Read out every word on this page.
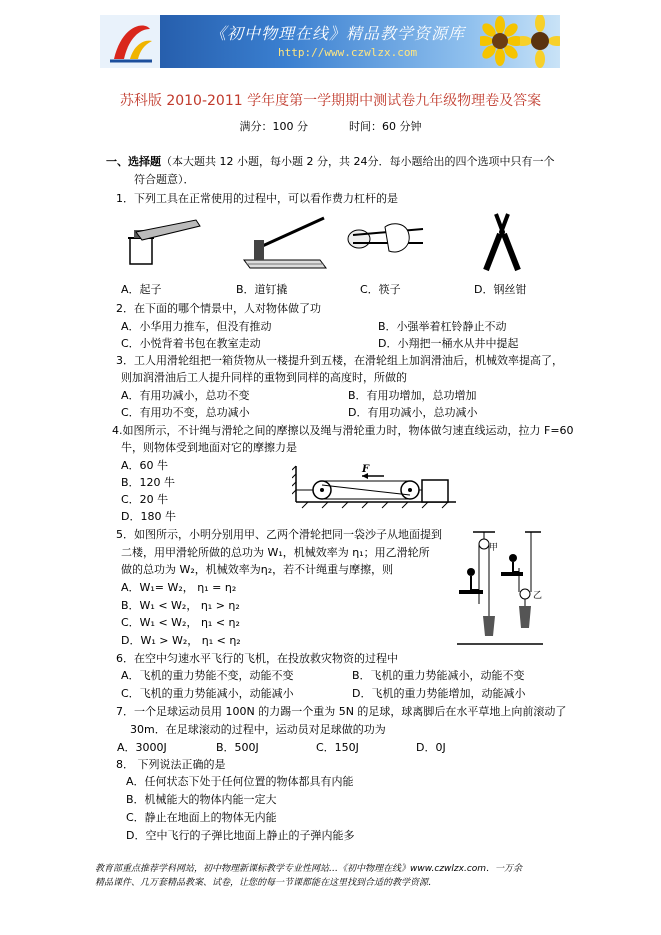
《初中物理在线》精品教学资源库
http://www.czwlzx.com
苏科版 2010-2011 学年度第一学期期中测试卷九年级物理卷及答案
满分：100 分	时间：60 分钟
一、选择题（本大题共 12 小题，每小题 2 分，共 24分．每小题给出的四个选项中只有一个
符合题意）．
1．下列工具在正常使用的过程中，可以看作费力杠杆的是
A．起子	B．道钉撬	C．筷子	D．钢丝钳
2．在下面的哪个情景中，人对物体做了功
A．小华用力推车，但没有推动	B．小强举着杠铃静止不动
C．小悦背着书包在教室走动	D．小翔把一桶水从井中提起
3．工人用滑轮组把一箱货物从一楼提升到五楼，在滑轮组上加润滑油后，机械效率提高了，
则加润滑油后工人提升同样的重物到同样的高度时，所做的
A．有用功减小，总功不变	B．有用功增加，总功增加
C．有用功不变，总功减小	D．有用功减小，总功减小
4.如图所示，不计绳与滑轮之间的摩擦以及绳与滑轮重力时，物体做匀速直线运动，拉力 F=60
牛，则物体受到地面对它的摩擦力是
A．60 牛
B．120 牛
C．20 牛
D．180 牛
F
5．如图所示，小明分别用甲、乙两个滑轮把同一袋沙子从地面提到
二楼，用甲滑轮所做的总功为 W₁，机械效率为 η₁；用乙滑轮所
做的总功为 W₂，机械效率为η₂，若不计绳重与摩擦，则
A．W₁= W₂， η₁ = η₂
B．W₁ < W₂， η₁ > η₂
C．W₁ < W₂， η₁ < η₂
D．W₁ > W₂， η₁ < η₂
甲
乙
6．在空中匀速水平飞行的飞机，在投放救灾物资的过程中
A．飞机的重力势能不变，动能不变	B．飞机的重力势能减小，动能不变
C．飞机的重力势能减小，动能减小	D．飞机的重力势能增加，动能减小
7．一个足球运动员用 100N 的力踢一个重为 5N 的足球，球离脚后在水平草地上向前滚动了
30m．在足球滚动的过程中，运动员对足球做的功为
A．3000J	B．500J	C．150J	D．0J
8． 下列说法正确的是
A．任何状态下处于任何位置的物体都具有内能
B．机械能大的物体内能一定大
C．静止在地面上的物体无内能
D．空中飞行的子弹比地面上静止的子弹内能多
教育部重点推荐学科网站，初中物理新课标教学专业性网站…《初中物理在线》www.czwlzx.com．一万余
精品课件、几万套精品教案、试卷，让您的每一节课都能在这里找到合适的教学资源．
